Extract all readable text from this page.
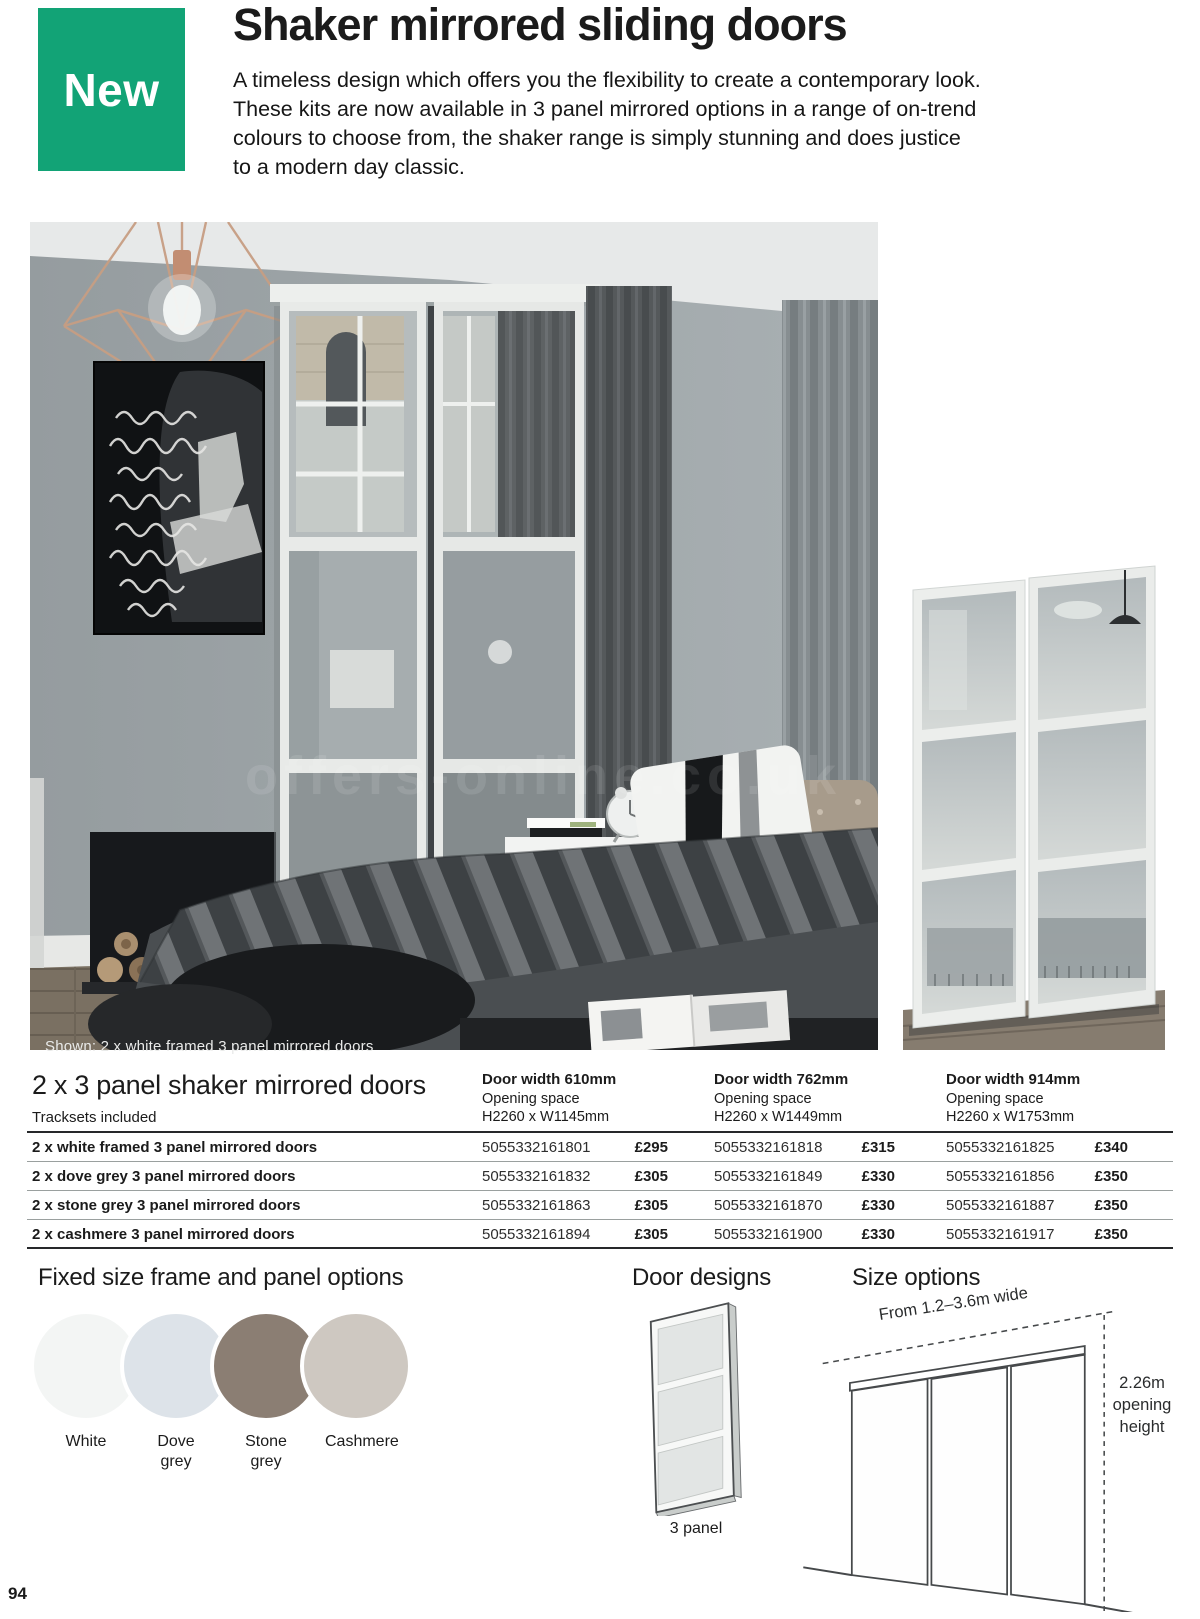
New
Shaker mirrored sliding doors
A timeless design which offers you the flexibility to create a contemporary look. These kits are now available in 3 panel mirrored options in a range of on-trend colours to choose from, the shaker range is simply stunning and does justice to a modern day classic.
offers-online.co.uk
Shown: 2 x white framed 3 panel mirrored doors
2 x 3 panel shaker mirrored doors
Tracksets included
Door width 610mm
Opening space
H2260 x W1145mm
Door width 762mm
Opening space
H2260 x W1449mm
Door width 914mm
Opening space
H2260 x W1753mm
2 x white framed 3 panel mirrored doors	5055332161801	£295	5055332161818	£315	5055332161825	£340
2 x dove grey 3 panel mirrored doors	5055332161832	£305	5055332161849	£330	5055332161856	£350
2 x stone grey 3 panel mirrored doors	5055332161863	£305	5055332161870	£330	5055332161887	£350
2 x cashmere 3 panel mirrored doors	5055332161894	£305	5055332161900	£330	5055332161917	£350
Fixed size frame and panel options	Door designs	Size options
White	Dove grey
Stone grey
Cashmere
3 panel
From 1.2–3.6m wide
2.26m opening height
94
